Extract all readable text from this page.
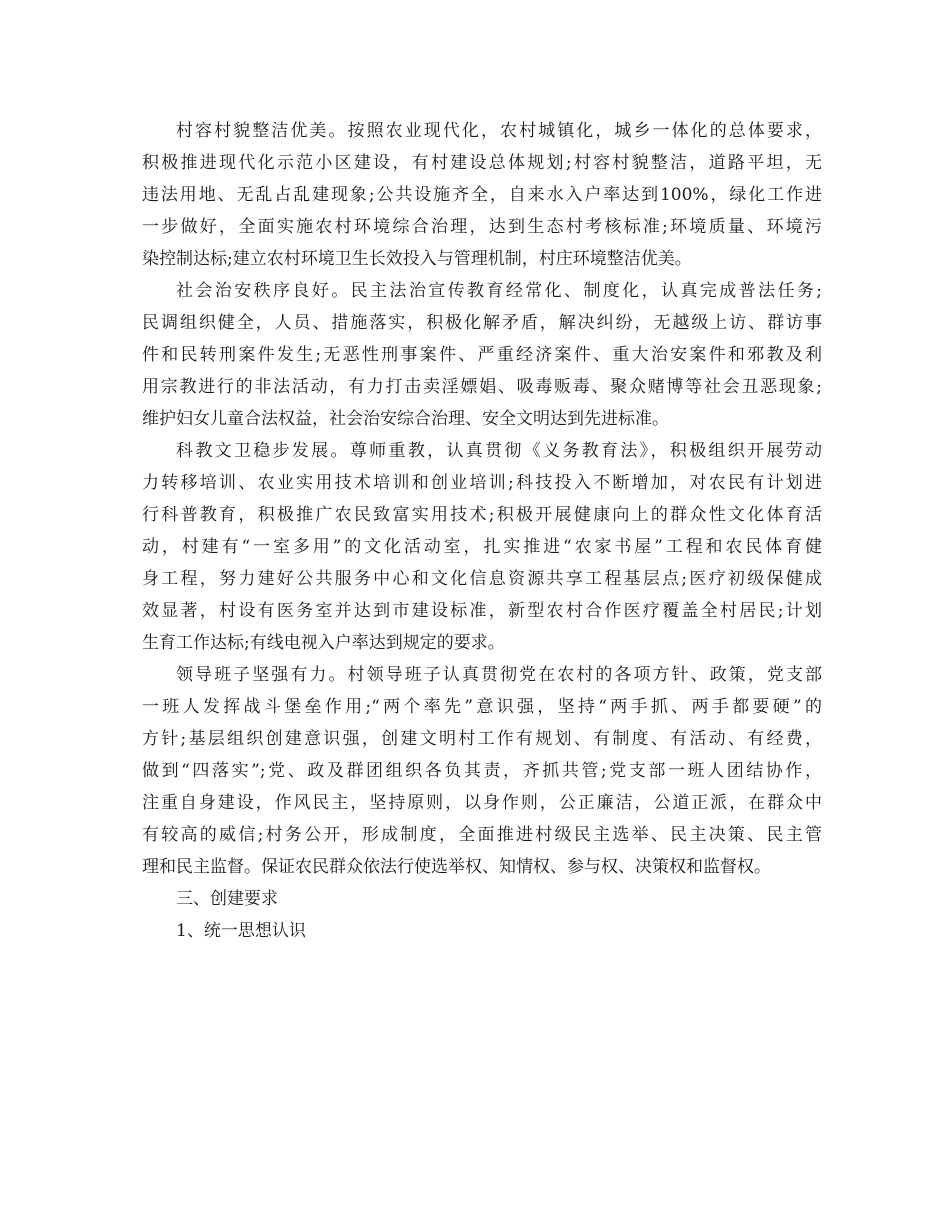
村容村貌整洁优美。按照农业现代化，农村城镇化，城乡一体化的总体要求，
积极推进现代化示范小区建设，有村建设总体规划;村容村貌整洁，道路平坦，无
违法用地、无乱占乱建现象;公共设施齐全，自来水入户率达到100%，绿化工作进
一步做好，全面实施农村环境综合治理，达到生态村考核标准;环境质量、环境污
染控制达标;建立农村环境卫生长效投入与管理机制，村庄环境整洁优美。
社会治安秩序良好。民主法治宣传教育经常化、制度化，认真完成普法任务;
民调组织健全，人员、措施落实，积极化解矛盾，解决纠纷，无越级上访、群访事
件和民转刑案件发生;无恶性刑事案件、严重经济案件、重大治安案件和邪教及利
用宗教进行的非法活动，有力打击卖淫嫖娼、吸毒贩毒、聚众赌博等社会丑恶现象;
维护妇女儿童合法权益，社会治安综合治理、安全文明达到先进标准。
科教文卫稳步发展。尊师重教，认真贯彻《义务教育法》，积极组织开展劳动
力转移培训、农业实用技术培训和创业培训;科技投入不断增加，对农民有计划进
行科普教育，积极推广农民致富实用技术;积极开展健康向上的群众性文化体育活
动，村建有“一室多用”的文化活动室，扎实推进“农家书屋”工程和农民体育健
身工程，努力建好公共服务中心和文化信息资源共享工程基层点;医疗初级保健成
效显著，村设有医务室并达到市建设标准，新型农村合作医疗覆盖全村居民;计划
生育工作达标;有线电视入户率达到规定的要求。
领导班子坚强有力。村领导班子认真贯彻党在农村的各项方针、政策，党支部
一班人发挥战斗堡垒作用;“两个率先”意识强，坚持“两手抓、两手都要硬”的
方针;基层组织创建意识强，创建文明村工作有规划、有制度、有活动、有经费，
做到“四落实”;党、政及群团组织各负其责，齐抓共管;党支部一班人团结协作，
注重自身建设，作风民主，坚持原则，以身作则，公正廉洁，公道正派，在群众中
有较高的威信;村务公开，形成制度，全面推进村级民主选举、民主决策、民主管
理和民主监督。保证农民群众依法行使选举权、知情权、参与权、决策权和监督权。
三、创建要求
1、统一思想认识
